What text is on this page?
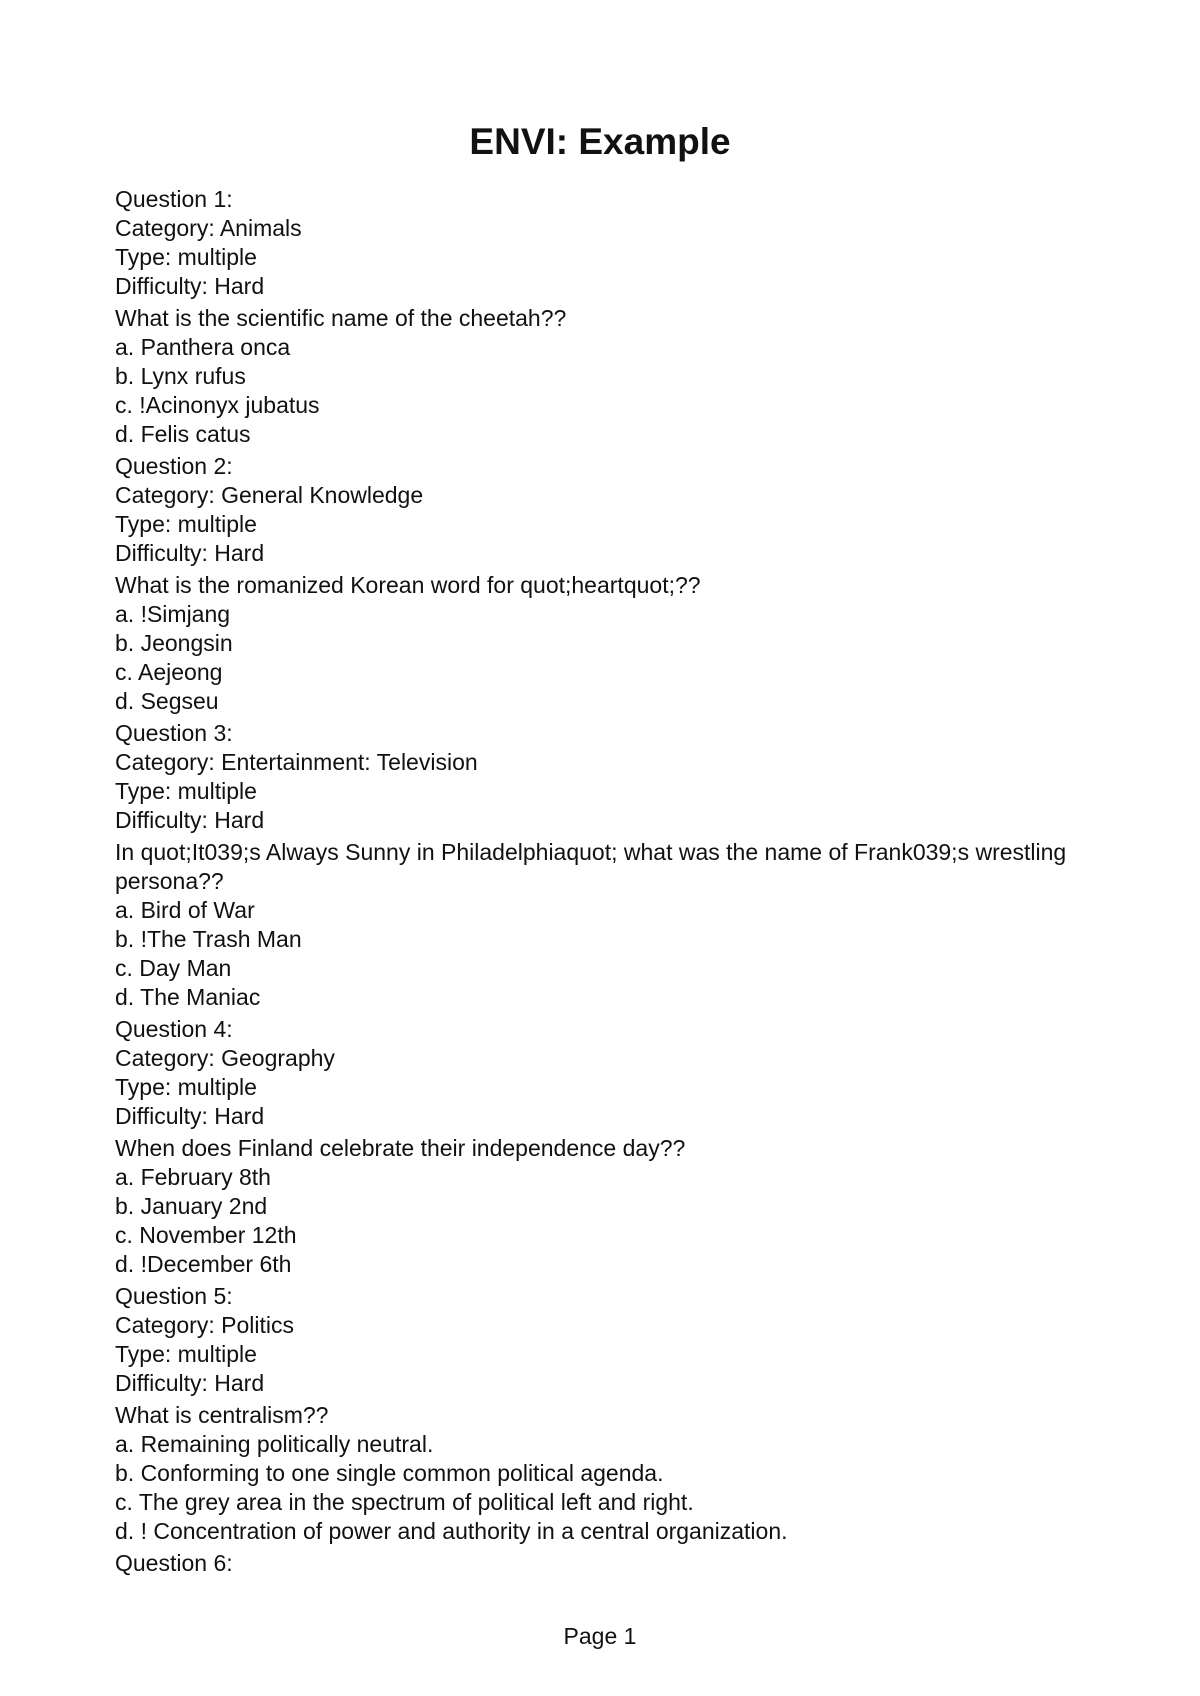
ENVI: Example
Question 1:
Category: Animals
Type: multiple
Difficulty: Hard
What is the scientific name of the cheetah??
a. Panthera onca
b. Lynx rufus
c. !Acinonyx jubatus
d. Felis catus
Question 2:
Category: General Knowledge
Type: multiple
Difficulty: Hard
What is the romanized Korean word for quot;heartquot;??
a. !Simjang
b. Jeongsin
c. Aejeong
d. Segseu
Question 3:
Category: Entertainment: Television
Type: multiple
Difficulty: Hard
In quot;It039;s Always Sunny in Philadelphiaquot; what was the name of Frank039;s wrestling persona??
a. Bird of War
b. !The Trash Man
c. Day Man
d. The Maniac
Question 4:
Category: Geography
Type: multiple
Difficulty: Hard
When does Finland celebrate their independence day??
a. February 8th
b. January 2nd
c. November 12th
d. !December 6th
Question 5:
Category: Politics
Type: multiple
Difficulty: Hard
What is centralism??
a. Remaining politically neutral.
b. Conforming to one single common political agenda.
c. The grey area in the spectrum of political left and right.
d. ! Concentration of power and authority in a central organization.
Question 6:
Page 1
